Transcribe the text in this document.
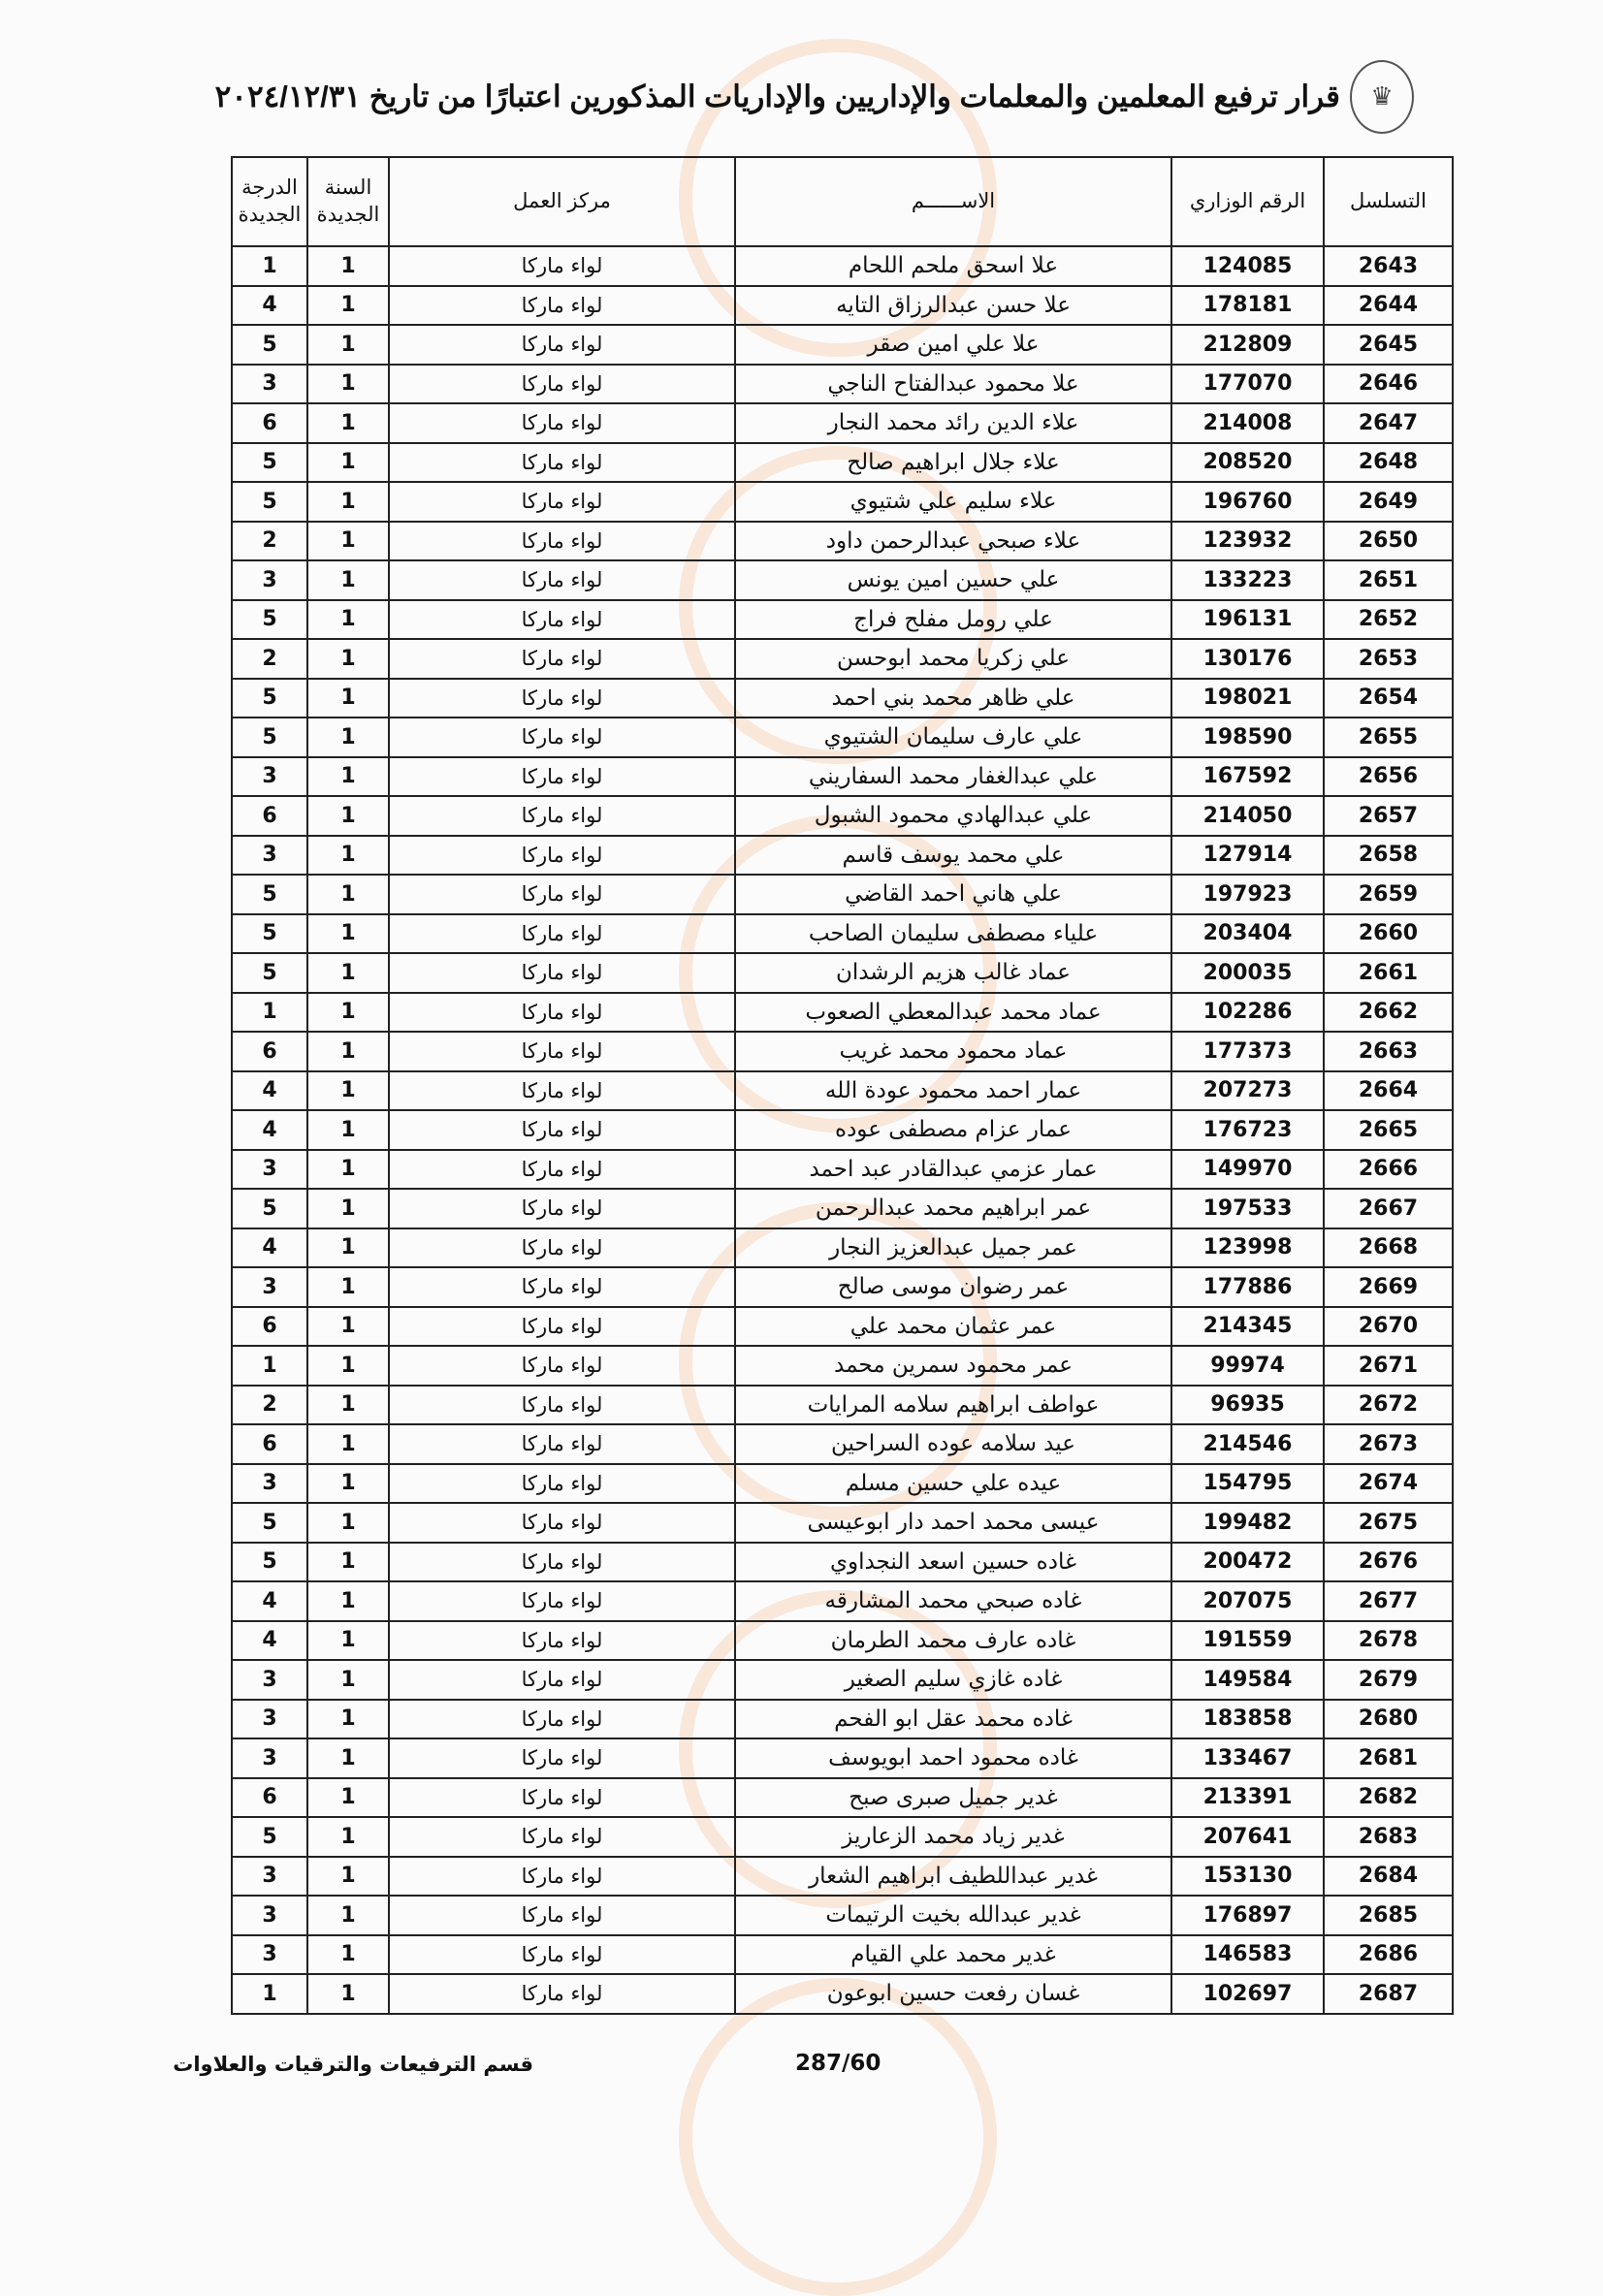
♛
قرار ترفيع المعلمين والمعلمات والإداريين والإداريات المذكورين اعتبارًا من تاريخ ٢٠٢٤/١٢/٣١
التسلسل	الرقم الوزاري	الاســــــم	مركز العمل	السنة الجديدة	الدرجة الجديدة
2643	124085	علا اسحق ملحم اللحام	لواء ماركا	1	1
2644	178181	علا حسن عبدالرزاق التايه	لواء ماركا	1	4
2645	212809	علا علي امين صقر	لواء ماركا	1	5
2646	177070	علا محمود عبدالفتاح الناجي	لواء ماركا	1	3
2647	214008	علاء الدين رائد محمد النجار	لواء ماركا	1	6
2648	208520	علاء جلال ابراهيم صالح	لواء ماركا	1	5
2649	196760	علاء سليم علي شتيوي	لواء ماركا	1	5
2650	123932	علاء صبحي عبدالرحمن داود	لواء ماركا	1	2
2651	133223	علي حسين امين يونس	لواء ماركا	1	3
2652	196131	علي رومل مفلح فراج	لواء ماركا	1	5
2653	130176	علي زكريا محمد ابوحسن	لواء ماركا	1	2
2654	198021	علي ظاهر محمد بني احمد	لواء ماركا	1	5
2655	198590	علي عارف سليمان الشتيوي	لواء ماركا	1	5
2656	167592	علي عبدالغفار محمد السفاريني	لواء ماركا	1	3
2657	214050	علي عبدالهادي محمود الشبول	لواء ماركا	1	6
2658	127914	علي محمد يوسف قاسم	لواء ماركا	1	3
2659	197923	علي هاني احمد القاضي	لواء ماركا	1	5
2660	203404	علياء مصطفى سليمان الصاحب	لواء ماركا	1	5
2661	200035	عماد غالب هزيم الرشدان	لواء ماركا	1	5
2662	102286	عماد محمد عبدالمعطي الصعوب	لواء ماركا	1	1
2663	177373	عماد محمود محمد غريب	لواء ماركا	1	6
2664	207273	عمار احمد محمود عودة الله	لواء ماركا	1	4
2665	176723	عمار عزام مصطفى عوده	لواء ماركا	1	4
2666	149970	عمار عزمي عبدالقادر عبد احمد	لواء ماركا	1	3
2667	197533	عمر ابراهيم محمد عبدالرحمن	لواء ماركا	1	5
2668	123998	عمر جميل عبدالعزيز النجار	لواء ماركا	1	4
2669	177886	عمر رضوان موسى صالح	لواء ماركا	1	3
2670	214345	عمر عثمان محمد علي	لواء ماركا	1	6
2671	99974	عمر محمود سمرين محمد	لواء ماركا	1	1
2672	96935	عواطف ابراهيم سلامه المرايات	لواء ماركا	1	2
2673	214546	عيد سلامه عوده السراحين	لواء ماركا	1	6
2674	154795	عيده علي حسين مسلم	لواء ماركا	1	3
2675	199482	عيسى محمد احمد دار ابوعيسى	لواء ماركا	1	5
2676	200472	غاده حسين اسعد النجداوي	لواء ماركا	1	5
2677	207075	غاده صبحي محمد المشارقه	لواء ماركا	1	4
2678	191559	غاده عارف محمد الطرمان	لواء ماركا	1	4
2679	149584	غاده غازي سليم الصغير	لواء ماركا	1	3
2680	183858	غاده محمد عقل ابو الفحم	لواء ماركا	1	3
2681	133467	غاده محمود احمد ابويوسف	لواء ماركا	1	3
2682	213391	غدير جميل صبرى صبح	لواء ماركا	1	6
2683	207641	غدير زياد محمد الزعاريز	لواء ماركا	1	5
2684	153130	غدير عبداللطيف ابراهيم الشعار	لواء ماركا	1	3
2685	176897	غدير عبدالله بخيت الرتيمات	لواء ماركا	1	3
2686	146583	غدير محمد علي القيام	لواء ماركا	1	3
2687	102697	غسان رفعت حسين ابوعون	لواء ماركا	1	1
287/60
قسم الترفيعات والترقيات والعلاوات
